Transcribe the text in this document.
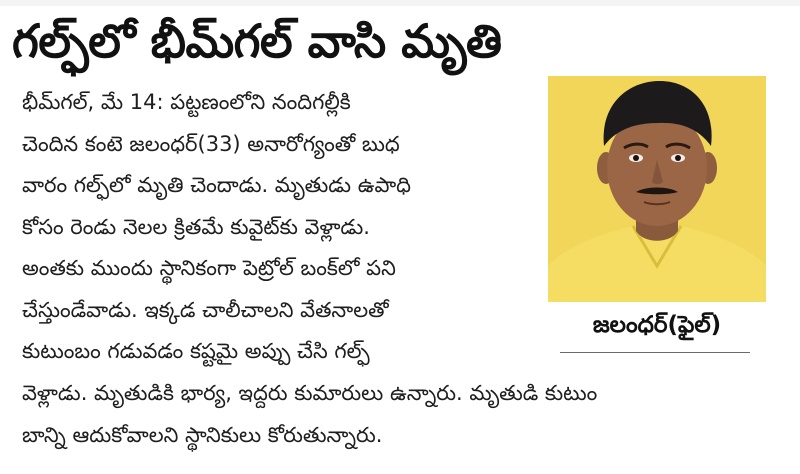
గల్ఫ్‌లో భీమ్‌గల్ వాసి మృతి
భీమ్‌గల్, మే 14: పట్టణంలోని నందిగల్లీకి
చెందిన కంటె జలంధర్(33) అనారోగ్యంతో బుధ
వారం గల్ఫ్‌లో మృతి చెందాడు. మృతుడు ఉపాధి
కోసం రెండు నెలల క్రితమే కువైట్‌కు వెళ్లాడు.
అంతకు ముందు స్థానికంగా పెట్రోల్ బంక్‌లో పని
చేస్తుండేవాడు. ఇక్కడ చాలీచాలని వేతనాలతో
కుటుంబం గడువడం కష్టమై అప్పు చేసి గల్ఫ్
వెళ్లాడు. మృతుడికి భార్య, ఇద్దరు కుమారులు ఉన్నారు. మృతుడి కుటుం
బాన్ని ఆదుకోవాలని స్థానికులు కోరుతున్నారు.
జలంధర్(ఫైల్)
